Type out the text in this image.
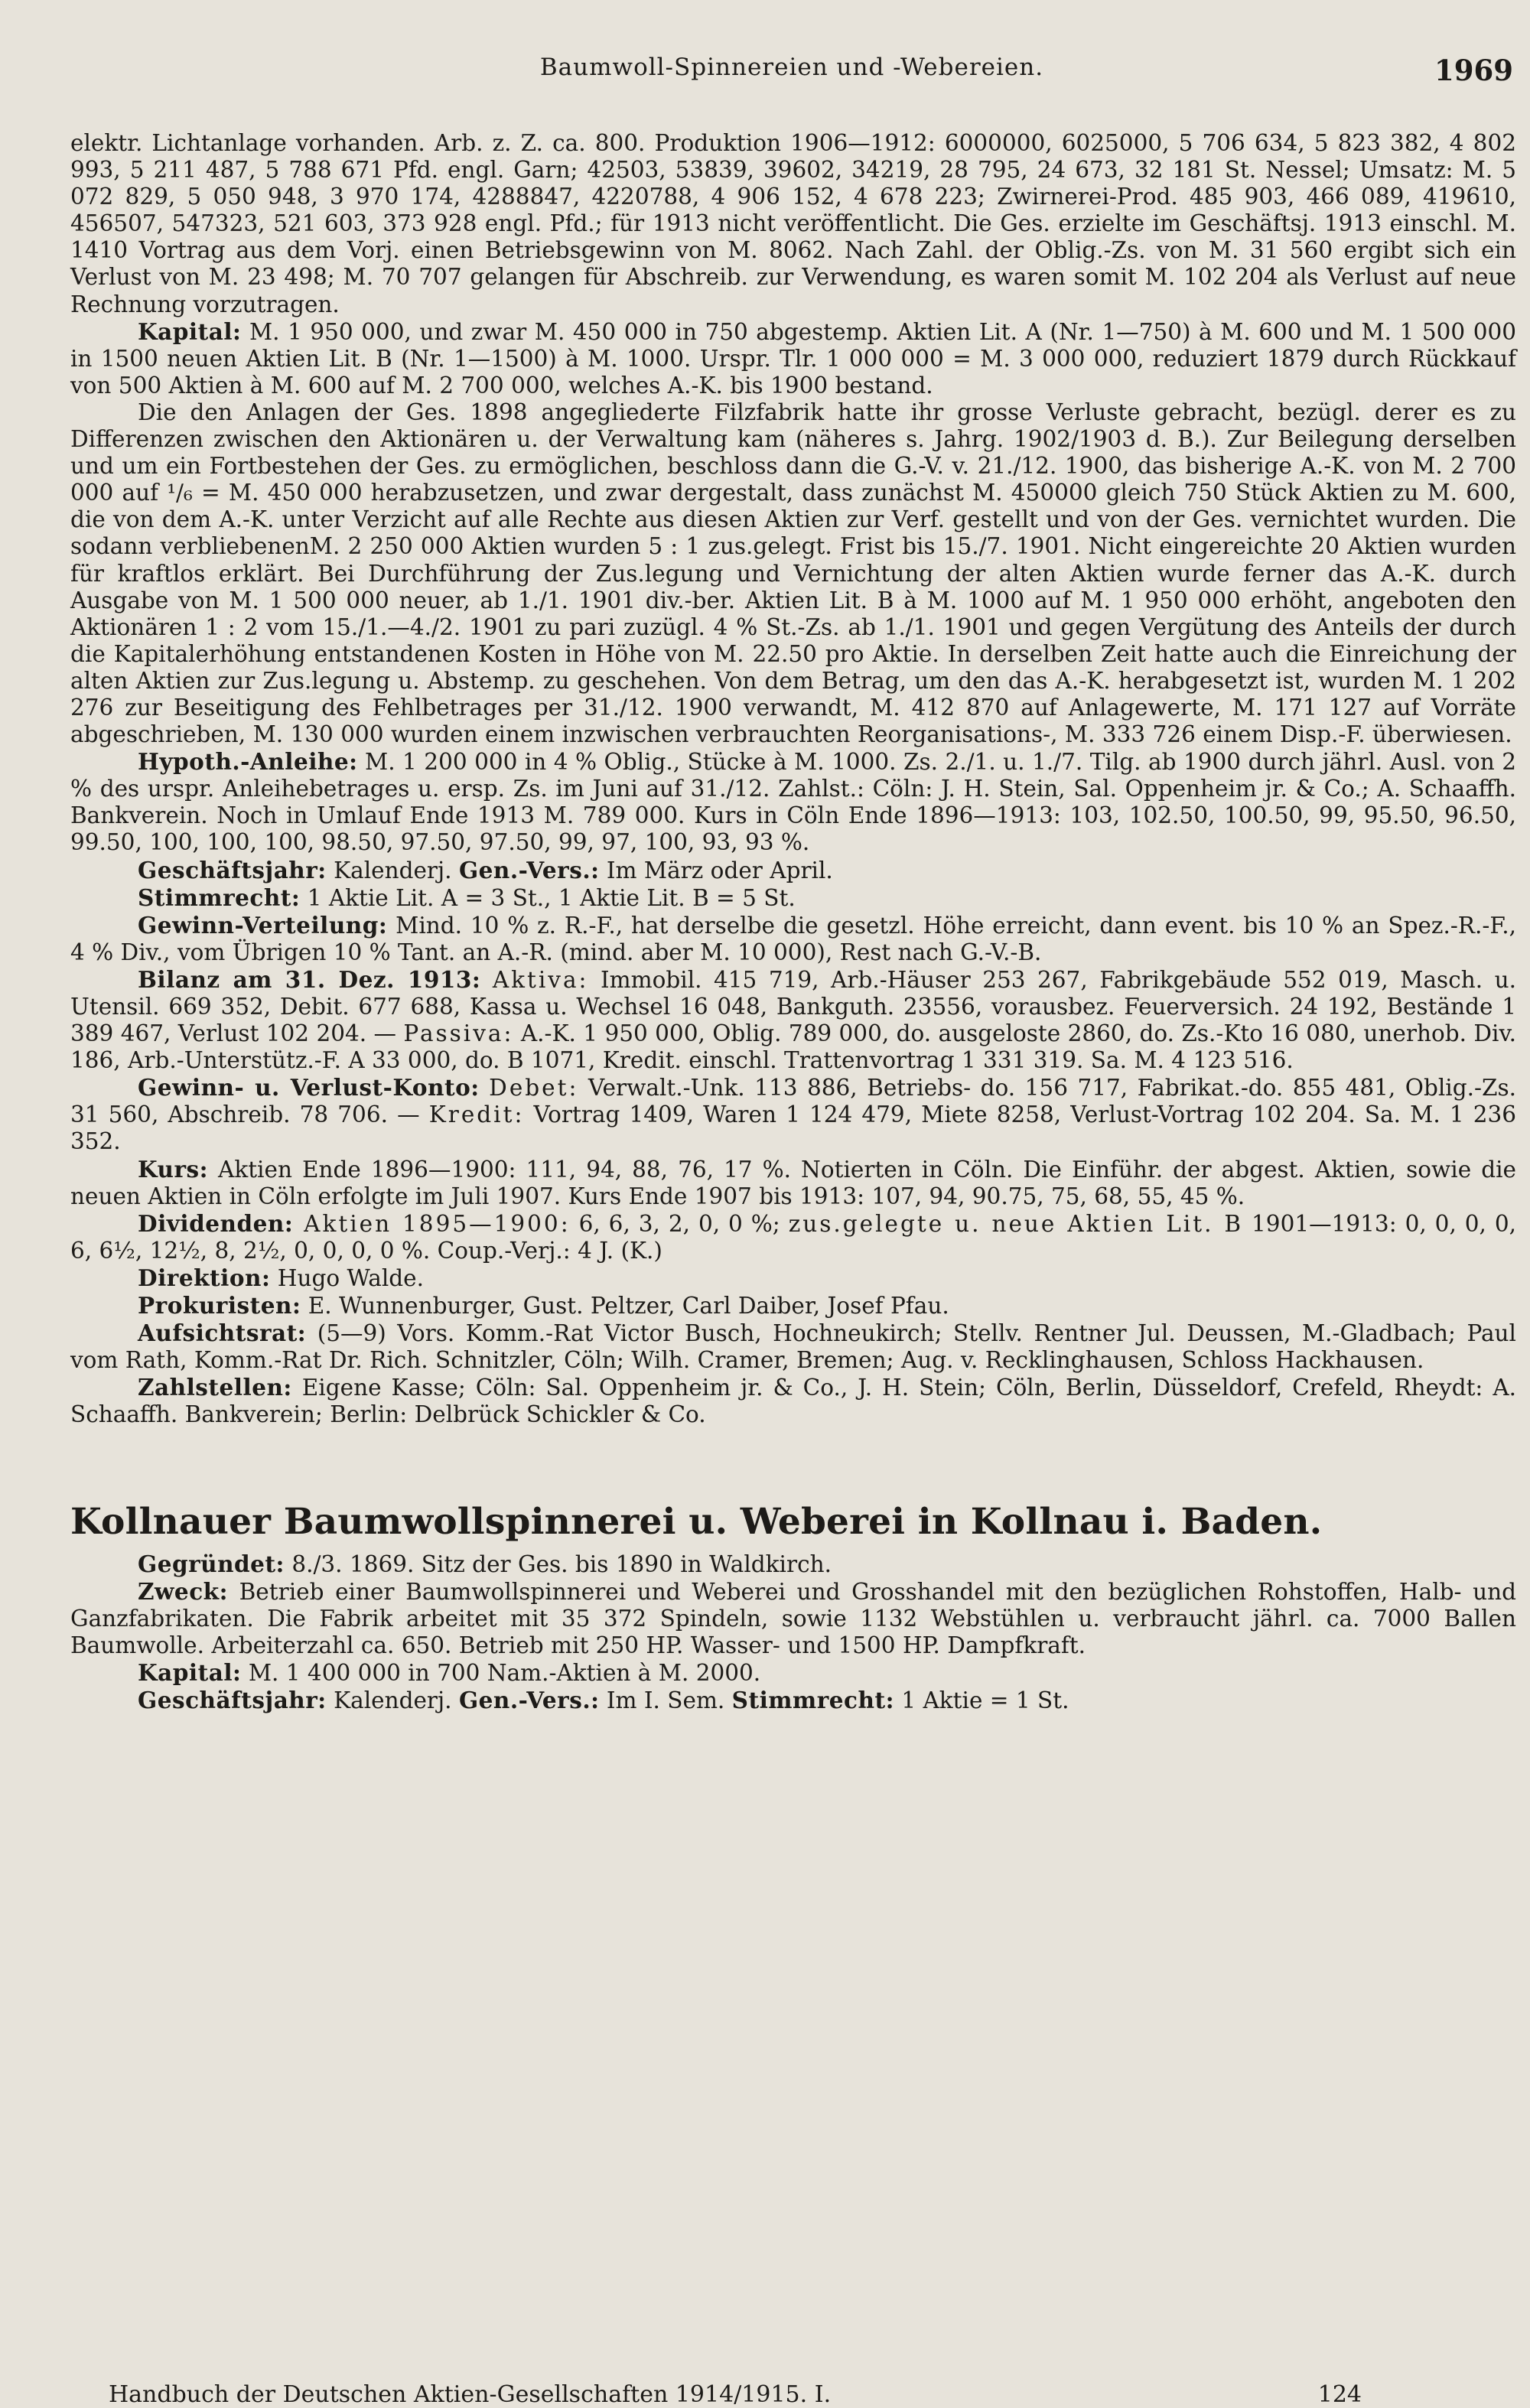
Baumwoll-Spinnereien und -Webereien.	1969

elektr. Lichtanlage vorhanden. Arb. z. Z. ca. 800. Produktion 1906—1912: 6000000, 6025000, 5 706 634, 5 823 382, 4 802 993, 5 211 487, 5 788 671 Pfd. engl. Garn; 42503, 53839, 39602, 34219, 28 795, 24 673, 32 181 St. Nessel; Umsatz: M. 5 072 829, 5 050 948, 3 970 174, 4288847, 4220788, 4 906 152, 4 678 223; Zwirnerei-Prod. 485 903, 466 089, 419610, 456507, 547323, 521 603, 373 928 engl. Pfd.; für 1913 nicht veröffentlicht. Die Ges. erzielte im Geschäftsj. 1913 einschl. M. 1410 Vortrag aus dem Vorj. einen Betriebsgewinn von M. 8062. Nach Zahl. der Oblig.-Zs. von M. 31 560 ergibt sich ein Verlust von M. 23 498; M. 70 707 gelangen für Abschreib. zur Verwendung, es waren somit M. 102 204 als Verlust auf neue Rechnung vorzutragen.

Kapital: M. 1 950 000, und zwar M. 450 000 in 750 abgestemp. Aktien Lit. A (Nr. 1—750) à M. 600 und M. 1 500 000 in 1500 neuen Aktien Lit. B (Nr. 1—1500) à M. 1000. Urspr. Tlr. 1 000 000 = M. 3 000 000, reduziert 1879 durch Rückkauf von 500 Aktien à M. 600 auf M. 2 700 000, welches A.-K. bis 1900 bestand.

Die den Anlagen der Ges. 1898 angegliederte Filzfabrik hatte ihr grosse Verluste gebracht, bezügl. derer es zu Differenzen zwischen den Aktionären u. der Verwaltung kam (näheres s. Jahrg. 1902/1903 d. B.). Zur Beilegung derselben und um ein Fortbestehen der Ges. zu ermöglichen, beschloss dann die G.-V. v. 21./12. 1900, das bisherige A.-K. von M. 2 700 000 auf ¹/₆ = M. 450 000 herabzusetzen, und zwar dergestalt, dass zunächst M. 450000 gleich 750 Stück Aktien zu M. 600, die von dem A.-K. unter Verzicht auf alle Rechte aus diesen Aktien zur Verf. gestellt und von der Ges. vernichtet wurden. Die sodann verbliebenenM. 2 250 000 Aktien wurden 5 : 1 zus.gelegt. Frist bis 15./7. 1901. Nicht eingereichte 20 Aktien wurden für kraftlos erklärt. Bei Durchführung der Zus.legung und Vernichtung der alten Aktien wurde ferner das A.-K. durch Ausgabe von M. 1 500 000 neuer, ab 1./1. 1901 div.-ber. Aktien Lit. B à M. 1000 auf M. 1 950 000 erhöht, angeboten den Aktionären 1 : 2 vom 15./1.—4./2. 1901 zu pari zuzügl. 4 % St.-Zs. ab 1./1. 1901 und gegen Vergütung des Anteils der durch die Kapitalerhöhung entstandenen Kosten in Höhe von M. 22.50 pro Aktie. In derselben Zeit hatte auch die Einreichung der alten Aktien zur Zus.legung u. Abstemp. zu geschehen. Von dem Betrag, um den das A.-K. herabgesetzt ist, wurden M. 1 202 276 zur Beseitigung des Fehlbetrages per 31./12. 1900 verwandt, M. 412 870 auf Anlagewerte, M. 171 127 auf Vorräte abgeschrieben, M. 130 000 wurden einem inzwischen verbrauchten Reorganisations-, M. 333 726 einem Disp.-F. überwiesen.

Hypoth.-Anleihe: M. 1 200 000 in 4 % Oblig., Stücke à M. 1000. Zs. 2./1. u. 1./7. Tilg. ab 1900 durch jährl. Ausl. von 2 % des urspr. Anleihebetrages u. ersp. Zs. im Juni auf 31./12. Zahlst.: Cöln: J. H. Stein, Sal. Oppenheim jr. & Co.; A. Schaaffh. Bankverein. Noch in Umlauf Ende 1913 M. 789 000. Kurs in Cöln Ende 1896—1913: 103, 102.50, 100.50, 99, 95.50, 96.50, 99.50, 100, 100, 100, 98.50, 97.50, 97.50, 99, 97, 100, 93, 93 %.

Geschäftsjahr: Kalenderj. Gen.-Vers.: Im März oder April.

Stimmrecht: 1 Aktie Lit. A = 3 St., 1 Aktie Lit. B = 5 St.

Gewinn-Verteilung: Mind. 10 % z. R.-F., hat derselbe die gesetzl. Höhe erreicht, dann event. bis 10 % an Spez.-R.-F., 4 % Div., vom Übrigen 10 % Tant. an A.-R. (mind. aber M. 10 000), Rest nach G.-V.-B.

Bilanz am 31. Dez. 1913: Aktiva: Immobil. 415 719, Arb.-Häuser 253 267, Fabrikgebäude 552 019, Masch. u. Utensil. 669 352, Debit. 677 688, Kassa u. Wechsel 16 048, Bankguth. 23556, vorausbez. Feuerversich. 24 192, Bestände 1 389 467, Verlust 102 204. — Passiva: A.-K. 1 950 000, Oblig. 789 000, do. ausgeloste 2860, do. Zs.-Kto 16 080, unerhob. Div. 186, Arb.-Unterstütz.-F. A 33 000, do. B 1071, Kredit. einschl. Trattenvortrag 1 331 319. Sa. M. 4 123 516.

Gewinn- u. Verlust-Konto: Debet: Verwalt.-Unk. 113 886, Betriebs- do. 156 717, Fabrikat.-do. 855 481, Oblig.-Zs. 31 560, Abschreib. 78 706. — Kredit: Vortrag 1409, Waren 1 124 479, Miete 8258, Verlust-Vortrag 102 204. Sa. M. 1 236 352.

Kurs: Aktien Ende 1896—1900: 111, 94, 88, 76, 17 %. Notierten in Cöln. Die Einführ. der abgest. Aktien, sowie die neuen Aktien in Cöln erfolgte im Juli 1907. Kurs Ende 1907 bis 1913: 107, 94, 90.75, 75, 68, 55, 45 %.

Dividenden: Aktien 1895—1900: 6, 6, 3, 2, 0, 0 %; zus.gelegte u. neue Aktien Lit. B 1901—1913: 0, 0, 0, 0, 6, 6½, 12½, 8, 2½, 0, 0, 0, 0 %. Coup.-Verj.: 4 J. (K.)

Direktion: Hugo Walde.

Prokuristen: E. Wunnenburger, Gust. Peltzer, Carl Daiber, Josef Pfau.

Aufsichtsrat: (5—9) Vors. Komm.-Rat Victor Busch, Hochneukirch; Stellv. Rentner Jul. Deussen, M.-Gladbach; Paul vom Rath, Komm.-Rat Dr. Rich. Schnitzler, Cöln; Wilh. Cramer, Bremen; Aug. v. Recklinghausen, Schloss Hackhausen.

Zahlstellen: Eigene Kasse; Cöln: Sal. Oppenheim jr. & Co., J. H. Stein; Cöln, Berlin, Düsseldorf, Crefeld, Rheydt: A. Schaaffh. Bankverein; Berlin: Delbrück Schickler & Co.

Kollnauer Baumwollspinnerei u. Weberei in Kollnau i. Baden.

Gegründet: 8./3. 1869. Sitz der Ges. bis 1890 in Waldkirch.

Zweck: Betrieb einer Baumwollspinnerei und Weberei und Grosshandel mit den bezüglichen Rohstoffen, Halb- und Ganzfabrikaten. Die Fabrik arbeitet mit 35 372 Spindeln, sowie 1132 Webstühlen u. verbraucht jährl. ca. 7000 Ballen Baumwolle. Arbeiterzahl ca. 650. Betrieb mit 250 HP. Wasser- und 1500 HP. Dampfkraft.

Kapital: M. 1 400 000 in 700 Nam.-Aktien à M. 2000.

Geschäftsjahr: Kalenderj. Gen.-Vers.: Im I. Sem. Stimmrecht: 1 Aktie = 1 St.

Handbuch der Deutschen Aktien-Gesellschaften 1914/1915. I.	124
